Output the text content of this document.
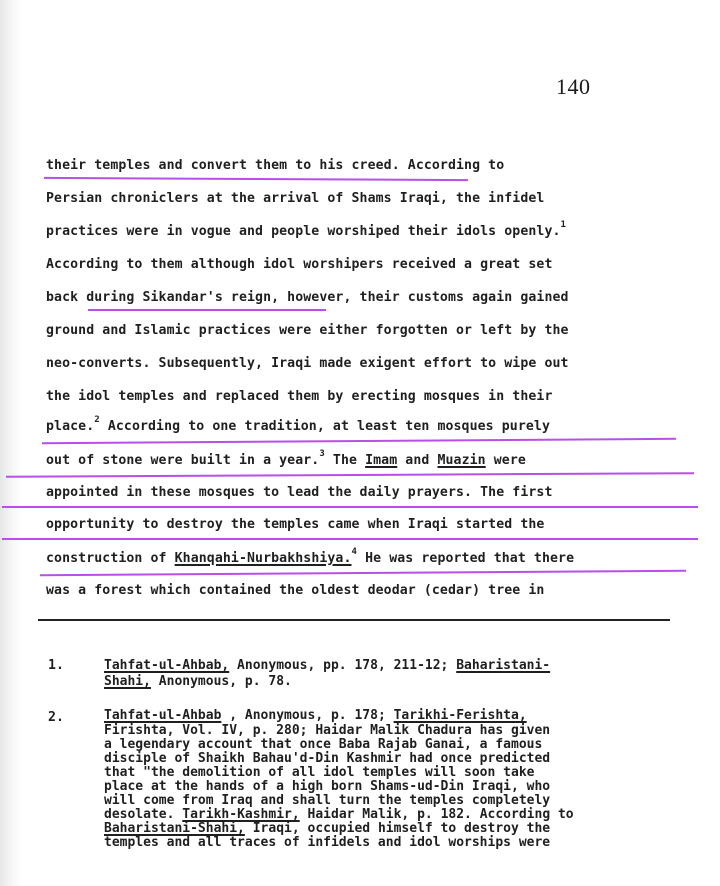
140
their temples and convert them to his creed. According to
Persian chroniclers at the arrival of Shams Iraqi, the infidel
practices were in vogue and people worshiped their idols openly.$^1$
According to them although idol worshipers received a great set
back during Sikandar's reign, however, their customs again gained
ground and Islamic practices were either forgotten or left by the
neo-converts. Subsequently, Iraqi made exigent effort to wipe out
the idol temples and replaced them by erecting mosques in their
place.$^2$ According to one tradition, at least ten mosques purely
out of stone were built in a year.$^3$ The Imam and Muazin were
appointed in these mosques to lead the daily prayers. The first
opportunity to destroy the temples came when Iraqi started the
construction of Khanqahi-Nurbakhshiya.$^4$ He was reported that there
was a forest which contained the oldest deodar (cedar) tree in
1.	Tahfat-ul-Ahbab, Anonymous, pp. 178, 211-12; Baharistani-
Shahi, Anonymous, p. 78.
2.	Tahfat-ul-Ahbab , Anonymous, p. 178; Tarikhi-Ferishta,
Firishta, Vol. IV, p. 280; Haidar Malik Chadura has given
a legendary account that once Baba Rajab Ganai, a famous
disciple of Shaikh Bahau'd-Din Kashmir had once predicted
that "the demolition of all idol temples will soon take
place at the hands of a high born Shams-ud-Din Iraqi, who
will come from Iraq and shall turn the temples completely
desolate. Tarikh-Kashmir, Haidar Malik, p. 182. According to
Baharistani-Shahi, Iraqi, occupied himself to destroy the
temples and all traces of infidels and idol worships were
